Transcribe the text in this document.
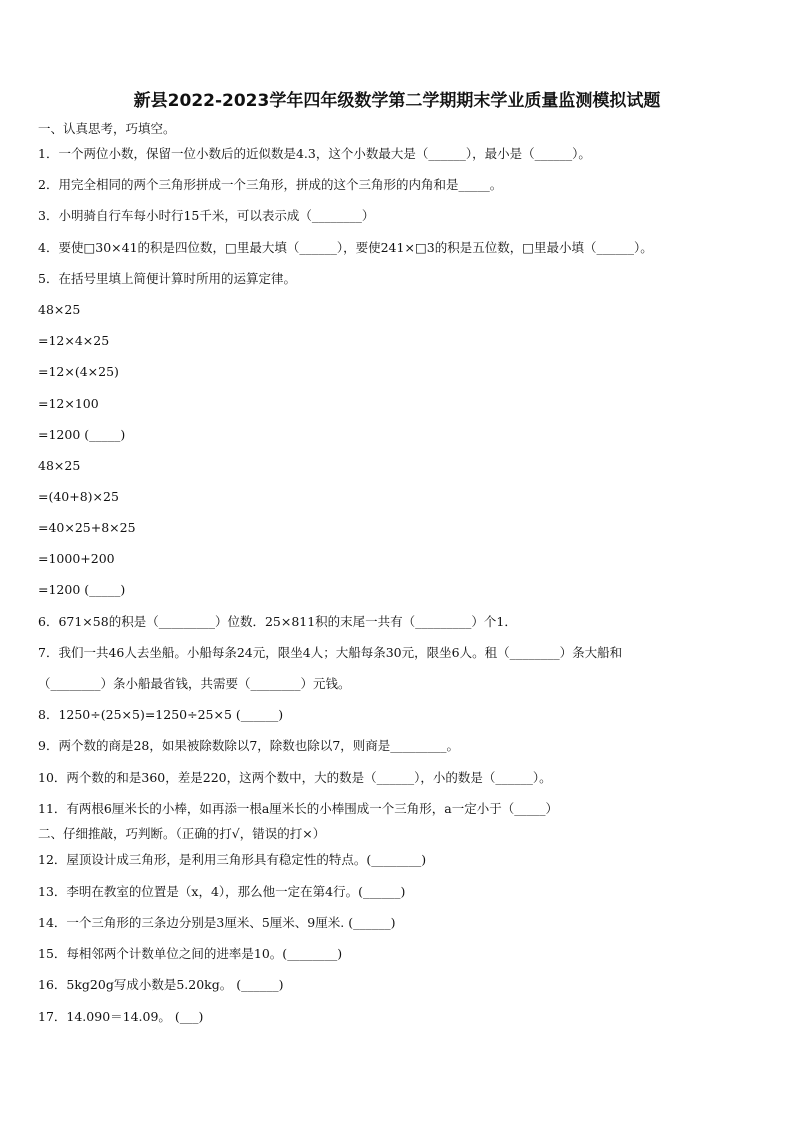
新县2022-2023学年四年级数学第二学期期末学业质量监测模拟试题
一、认真思考，巧填空。
1．一个两位小数，保留一位小数后的近似数是4.3，这个小数最大是（______），最小是（______）。
2．用完全相同的两个三角形拼成一个三角形，拼成的这个三角形的内角和是_____。
3．小明骑自行车每小时行15千米，可以表示成（________）
4．要使□30×41的积是四位数，□里最大填（______），要使241×□3的积是五位数，□里最小填（______）。
5．在括号里填上简便计算时所用的运算定律。
48×25
=12×4×25
=12×(4×25)
=12×100
=1200 (_____)
48×25
=(40+8)×25
=40×25+8×25
=1000+200
=1200 (_____)
6．671×58的积是（_________）位数．25×811积的末尾一共有（_________）个1．
7．我们一共46人去坐船。小船每条24元，限坐4人；大船每条30元，限坐6人。租（________）条大船和
（________）条小船最省钱，共需要（________）元钱。
8．1250÷(25×5)=1250÷25×5 (______)
9．两个数的商是28，如果被除数除以7，除数也除以7，则商是_________。
10．两个数的和是360，差是220，这两个数中，大的数是（______），小的数是（______）。
11．有两根6厘米长的小棒，如再添一根a厘米长的小棒围成一个三角形，a一定小于（_____）
二、仔细推敲，巧判断。（正确的打√，错误的打×）
12．屋顶设计成三角形，是利用三角形具有稳定性的特点。(________)
13．李明在教室的位置是（x，4），那么他一定在第4行。(______)
14．一个三角形的三条边分别是3厘米、5厘米、9厘米. (______)
15．每相邻两个计数单位之间的进率是10。(________)
16．5kg20g写成小数是5.20kg。 (______)
17．14.090＝14.09。 (___)
